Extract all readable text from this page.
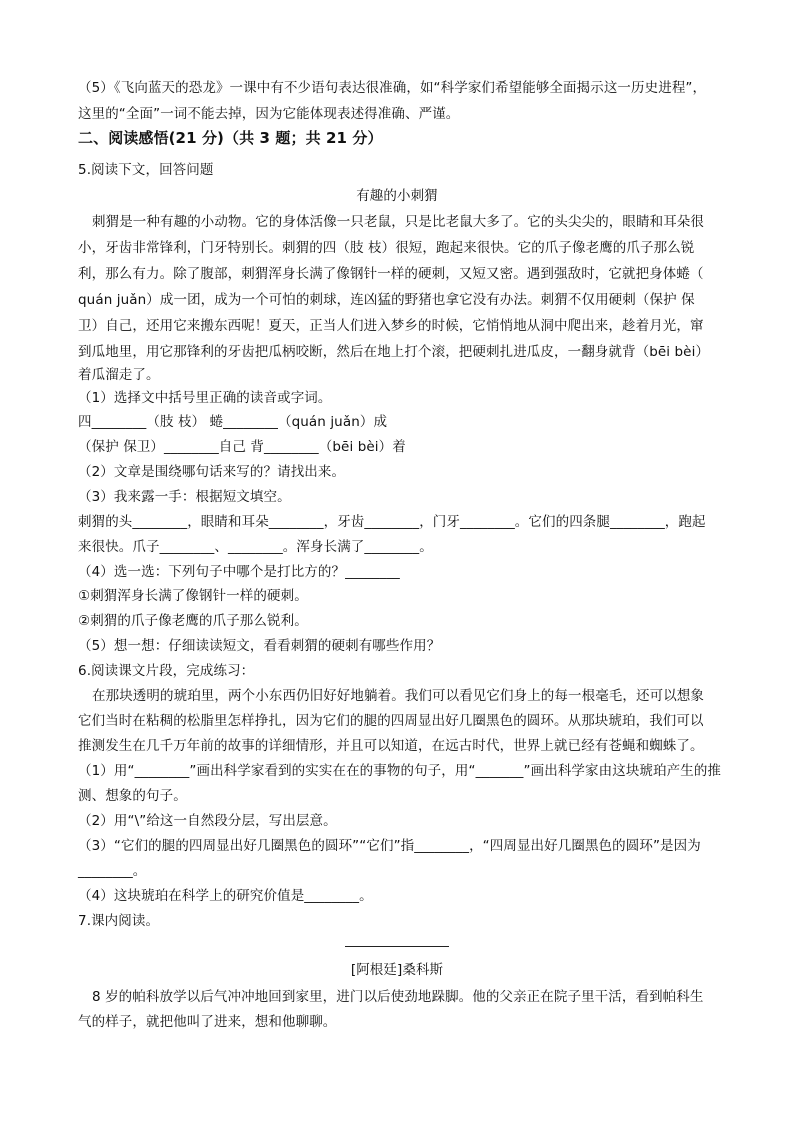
（5）《飞向蓝天的恐龙》一课中有不少语句表达很准确，如“科学家们希望能够全面揭示这一历史进程”，
这里的“全面”一词不能去掉，因为它能体现表述得准确、严谨。
二、阅读感悟(21 分)（共 3 题；共 21 分）
5.阅读下文，回答问题
有趣的小刺猬
刺猬是一种有趣的小动物。它的身体活像一只老鼠，只是比老鼠大多了。它的头尖尖的，眼睛和耳朵很
小，牙齿非常锋利，门牙特别长。刺猬的四（肢 枝）很短，跑起来很快。它的爪子像老鹰的爪子那么锐
利，那么有力。除了腹部，刺猬浑身长满了像钢针一样的硬刺，又短又密。遇到强敌时，它就把身体蜷（
quán juǎn）成一团，成为一个可怕的刺球，连凶猛的野猪也拿它没有办法。刺猬不仅用硬刺（保护 保
卫）自己，还用它来搬东西呢！夏天，正当人们进入梦乡的时候，它悄悄地从洞中爬出来，趁着月光，窜
到瓜地里，用它那锋利的牙齿把瓜柄咬断，然后在地上打个滚，把硬刺扎进瓜皮，一翻身就背（bēi bèi）
着瓜溜走了。
（1）选择文中括号里正确的读音或字词。
四________（肢 枝） 蜷________（quán juǎn）成
（保护 保卫）________自己 背________（bēi bèi）着
（2）文章是围绕哪句话来写的？请找出来。
（3）我来露一手：根据短文填空。
刺猬的头________，眼睛和耳朵________，牙齿________，门牙________。它们的四条腿________，跑起
来很快。爪子________、________。浑身长满了________。
（4）选一选：下列句子中哪个是打比方的？________
①刺猬浑身长满了像钢针一样的硬刺。
②刺猬的爪子像老鹰的爪子那么锐利。
（5）想一想：仔细读读短文，看看刺猬的硬刺有哪些作用？
6.阅读课文片段，完成练习：
在那块透明的琥珀里，两个小东西仍旧好好地躺着。我们可以看见它们身上的每一根毫毛，还可以想象
它们当时在粘稠的松脂里怎样挣扎，因为它们的腿的四周显出好几圈黑色的圆环。从那块琥珀，我们可以
推测发生在几千万年前的故事的详细情形，并且可以知道，在远古时代，世界上就已经有苍蝇和蜘蛛了。
（1）用“________”画出科学家看到的实实在在的事物的句子，用“_______”画出科学家由这块琥珀产生的推
测、想象的句子。
（2）用“\”给这一自然段分层，写出层意。
（3）“它们的腿的四周显出好几圈黑色的圆环”“它们”指________，“四周显出好几圈黑色的圆环”是因为
________。
（4）这块琥珀在科学上的研究价值是________。
7.课内阅读。
[阿根廷]桑科斯
8 岁的帕科放学以后气冲冲地回到家里，进门以后使劲地跺脚。他的父亲正在院子里干活，看到帕科生
气的样子，就把他叫了进来，想和他聊聊。
